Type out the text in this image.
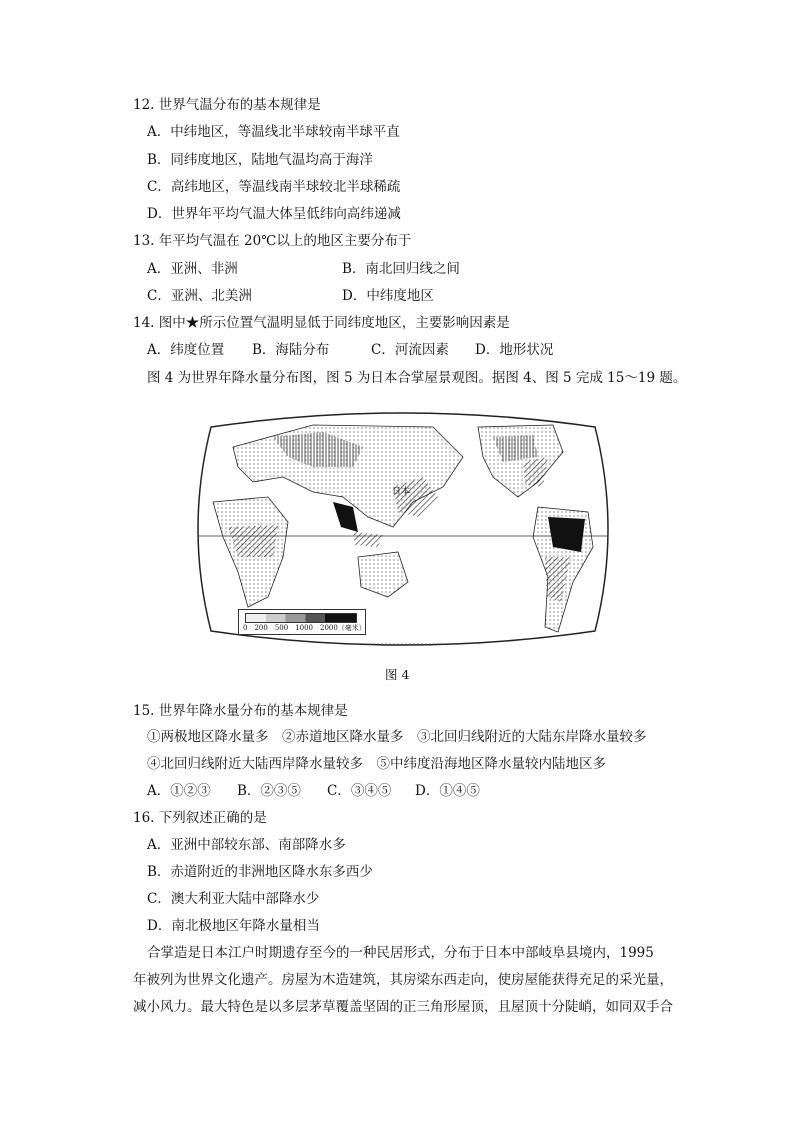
12. 世界气温分布的基本规律是
A．中纬地区，等温线北半球较南半球平直
B．同纬度地区，陆地气温均高于海洋
C．高纬地区，等温线南半球较北半球稀疏
D．世界年平均气温大体呈低纬向高纬递减
13. 年平均气温在 20℃以上的地区主要分布于
A．亚洲、非洲	B．南北回归线之间
C．亚洲、北美洲	D．中纬度地区
14. 图中★所示位置气温明显低于同纬度地区，主要影响因素是
A．纬度位置 B．海陆分布	C．河流因素 D．地形状况
图 4 为世界年降水量分布图，图 5 为日本合掌屋景观图。据图 4、图 5 完成 15～19 题。
日本
0　200　500　1000　2000（毫米）
图 4
15. 世界年降水量分布的基本规律是
①两极地区降水量多　②赤道地区降水量多　③北回归线附近的大陆东岸降水量较多
④北回归线附近大陆西岸降水量较多　⑤中纬度沿海地区降水量较内陆地区多
A．①②③ B．②③⑤ C．③④⑤ D．①④⑤
16. 下列叙述正确的是
A．亚洲中部较东部、南部降水多
B．赤道附近的非洲地区降水东多西少
C．澳大利亚大陆中部降水少
D．南北极地区年降水量相当
合掌造是日本江户时期遗存至今的一种民居形式，分布于日本中部岐阜县境内，1995
年被列为世界文化遗产。房屋为木造建筑，其房梁东西走向，使房屋能获得充足的采光量，
减小风力。最大特色是以多层茅草覆盖坚固的正三角形屋顶，且屋顶十分陡峭，如同双手合
